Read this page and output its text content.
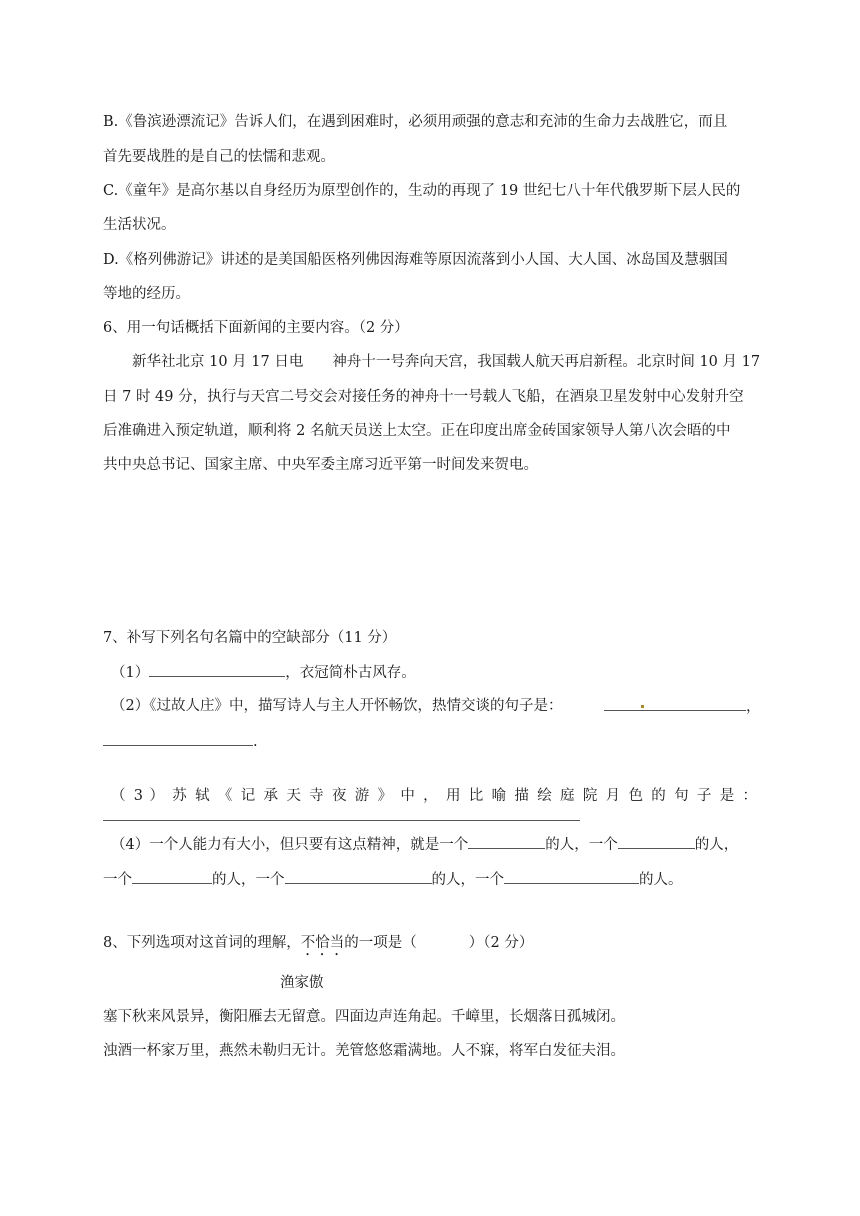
B.《鲁滨逊漂流记》告诉人们，在遇到困难时，必须用顽强的意志和充沛的生命力去战胜它，而且

首先要战胜的是自己的怯懦和悲观。

C.《童年》是高尔基以自身经历为原型创作的，生动的再现了 19 世纪七八十年代俄罗斯下层人民的

生活状况。

D.《格列佛游记》讲述的是美国船医格列佛因海难等原因流落到小人国、大人国、冰岛国及慧骃国

等地的经历。

6、用一句话概括下面新闻的主要内容。（2 分）

新华社北京 10 月 17 日电　　神舟十一号奔向天宫，我国载人航天再启新程。北京时间 10 月 17

日 7 时 49 分，执行与天宫二号交会对接任务的神舟十一号载人飞船，在酒泉卫星发射中心发射升空

后准确进入预定轨道，顺利将 2 名航天员送上太空。正在印度出席金砖国家领导人第八次会晤的中

共中央总书记、国家主席、中央军委主席习近平第一时间发来贺电。

7、补写下列名句名篇中的空缺部分（11 分）

（1）	，衣冠简朴古风存。

（2）《过故人庄》中，描写诗人与主人开怀畅饮，热情交谈的句子是：	，

.

（ 3 ） 苏 轼 《 记 承 天 寺 夜 游 》 中 ， 用 比 喻 描 绘 庭 院 月 色 的 句 子 是 ：

（4）一个人能力有大小，但只要有这点精神，就是一个	的人，一个	的人，

一个	的人，一个	的人，一个	的人。

8、下列选项对这首词的理解，不恰当的一项是（	）（2 分）

渔家傲

塞下秋来风景异，衡阳雁去无留意。四面边声连角起。千嶂里，长烟落日孤城闭。

浊酒一杯家万里，燕然未勒归无计。羌管悠悠霜满地。人不寐，将军白发征夫泪。
